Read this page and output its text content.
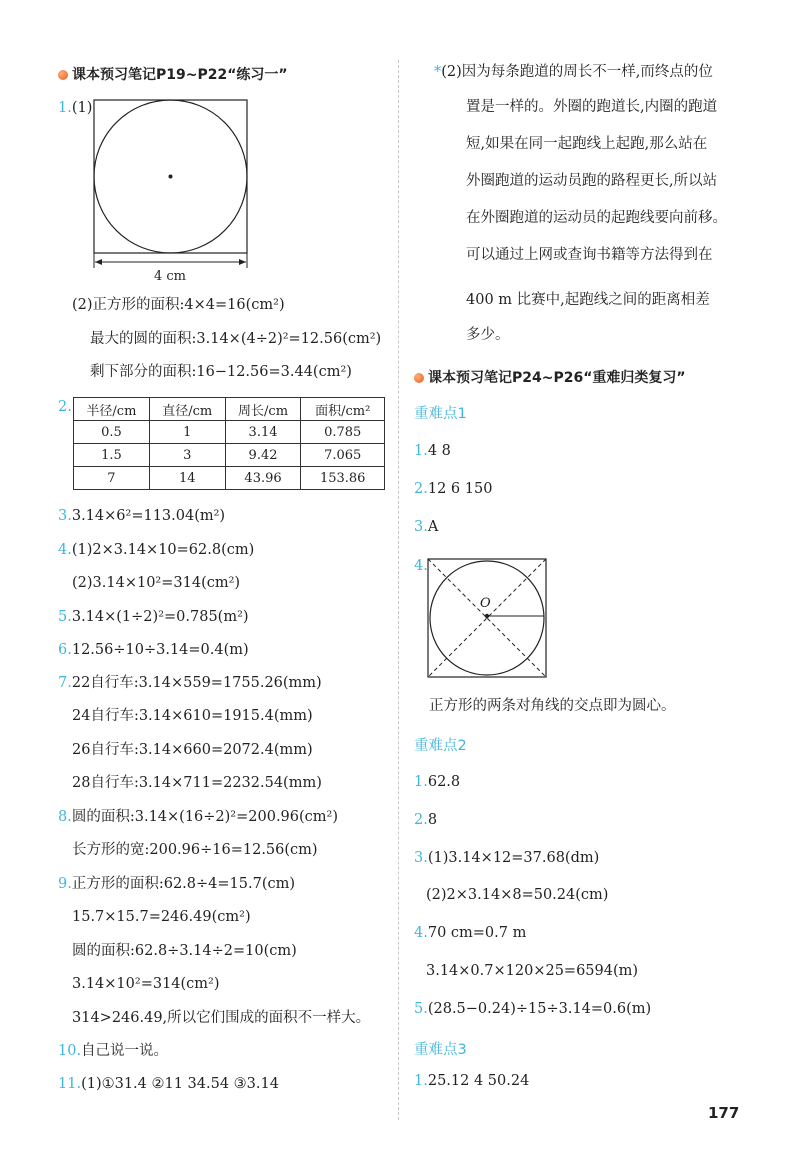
课本预习笔记P19~P22“练习一”
1.(1)
4 cm
(2)正方形的面积:4×4=16(cm²)
最大的圆的面积:3.14×(4÷2)²=12.56(cm²)
剩下部分的面积:16−12.56=3.44(cm²)
2. 半径/cm	直径/cm	周长/cm	面积/cm²
0.5	1	3.14	0.785
1.5	3	9.42	7.065
7	14	43.96	153.86
3.3.14×6²=113.04(m²)
4.(1)2×3.14×10=62.8(cm)
(2)3.14×10²=314(cm²)
5.3.14×(1÷2)²=0.785(m²)
6.12.56÷10÷3.14=0.4(m)
7.22自行车:3.14×559=1755.26(mm)
24自行车:3.14×610=1915.4(mm)
26自行车:3.14×660=2072.4(mm)
28自行车:3.14×711=2232.54(mm)
8.圆的面积:3.14×(16÷2)²=200.96(cm²)
长方形的宽:200.96÷16=12.56(cm)
9.正方形的面积:62.8÷4=15.7(cm)
15.7×15.7=246.49(cm²)
圆的面积:62.8÷3.14÷2=10(cm)
3.14×10²=314(cm²)
314>246.49,所以它们围成的面积不一样大。
10.自己说一说。
11.(1)①31.4 ②11 34.54 ③3.14
*(2)因为每条跑道的周长不一样,而终点的位
置是一样的。外圈的跑道长,内圈的跑道
短,如果在同一起跑线上起跑,那么站在
外圈跑道的运动员跑的路程更长,所以站
在外圈跑道的运动员的起跑线要向前移。
可以通过上网或查询书籍等方法得到在
400 m 比赛中,起跑线之间的距离相差
多少。
课本预习笔记P24~P26“重难归类复习”
重难点1
1.4 8
2.12 6 150
3.A
4.
O
正方形的两条对角线的交点即为圆心。
重难点2
1.62.8
2.8
3.(1)3.14×12=37.68(dm)
(2)2×3.14×8=50.24(cm)
4.70 cm=0.7 m
3.14×0.7×120×25=6594(m)
5.(28.5−0.24)÷15÷3.14=0.6(m)
重难点3
1.25.12 4 50.24
177
